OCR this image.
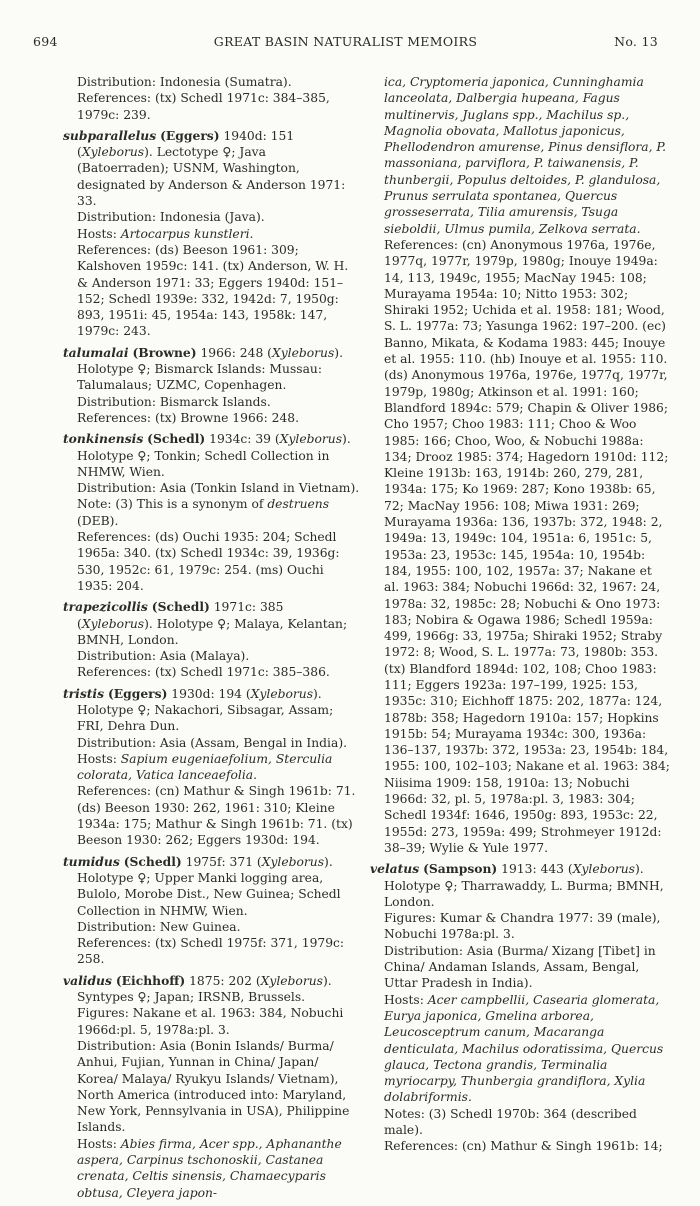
694	GREAT BASIN NATURALIST MEMOIRS	No. 13

Distribution: Indonesia (Sumatra).

References: (tx) Schedl 1971c: 384–385, 1979c: 239.

subparallelus (Eggers) 1940d: 151 (Xyleborus). Lectotype ♀; Java (Batoerraden); USNM, Washington, designated by Anderson & Anderson 1971: 33.

Distribution: Indonesia (Java).

Hosts: Artocarpus kunstleri.

References: (ds) Beeson 1961: 309; Kalshoven 1959c: 141. (tx) Anderson, W. H. & Anderson 1971: 33; Eggers 1940d: 151–152; Schedl 1939e: 332, 1942d: 7, 1950g: 893, 1951i: 45, 1954a: 143, 1958k: 147, 1979c: 243.

talumalai (Browne) 1966: 248 (Xyleborus). Holotype ♀; Bismarck Islands: Mussau: Talumalaus; UZMC, Copenhagen.

Distribution: Bismarck Islands.

References: (tx) Browne 1966: 248.

tonkinensis (Schedl) 1934c: 39 (Xyleborus). Holotype ♀; Tonkin; Schedl Collection in NHMW, Wien.

Distribution: Asia (Tonkin Island in Vietnam).

Note: (3) This is a synonym of destruens (DEB).

References: (ds) Ouchi 1935: 204; Schedl 1965a: 340. (tx) Schedl 1934c: 39, 1936g: 530, 1952c: 61, 1979c: 254. (ms) Ouchi 1935: 204.

trapezicollis (Schedl) 1971c: 385 (Xyleborus). Holotype ♀; Malaya, Kelantan; BMNH, London.

Distribution: Asia (Malaya).

References: (tx) Schedl 1971c: 385–386.

tristis (Eggers) 1930d: 194 (Xyleborus). Holotype ♀; Nakachori, Sibsagar, Assam; FRI, Dehra Dun.

Distribution: Asia (Assam, Bengal in India).

Hosts: Sapium eugeniaefolium, Sterculia colorata, Vatica lanceaefolia.

References: (cn) Mathur & Singh 1961b: 71. (ds) Beeson 1930: 262, 1961: 310; Kleine 1934a: 175; Mathur & Singh 1961b: 71. (tx) Beeson 1930: 262; Eggers 1930d: 194.

tumidus (Schedl) 1975f: 371 (Xyleborus). Holotype ♀; Upper Manki logging area, Bulolo, Morobe Dist., New Guinea; Schedl Collection in NHMW, Wien.

Distribution: New Guinea.

References: (tx) Schedl 1975f: 371, 1979c: 258.

validus (Eichhoff) 1875: 202 (Xyleborus). Syntypes ♀; Japan; IRSNB, Brussels.

Figures: Nakane et al. 1963: 384, Nobuchi 1966d:pl. 5, 1978a:pl. 3.

Distribution: Asia (Bonin Islands/ Burma/ Anhui, Fujian, Yunnan in China/ Japan/ Korea/ Malaya/ Ryukyu Islands/ Vietnam), North America (introduced into: Maryland, New York, Pennsylvania in USA), Philippine Islands.

Hosts: Abies firma, Acer spp., Aphananthe aspera, Carpinus tschonoskii, Castanea crenata, Celtis sinensis, Chamaecyparis obtusa, Cleyera japon-

ica, Cryptomeria japonica, Cunninghamia lanceolata, Dalbergia hupeana, Fagus multinervis, Juglans spp., Machilus sp., Magnolia obovata, Mallotus japonicus, Phellodendron amurense, Pinus densiflora, P. massoniana, parviflora, P. taiwanensis, P. thunbergii, Populus deltoides, P. glandulosa, Prunus serrulata spontanea, Quercus grosseserrata, Tilia amurensis, Tsuga sieboldii, Ulmus pumila, Zelkova serrata.

References: (cn) Anonymous 1976a, 1976e, 1977q, 1977r, 1979p, 1980g; Inouye 1949a: 14, 113, 1949c, 1955; MacNay 1945: 108; Murayama 1954a: 10; Nitto 1953: 302; Shiraki 1952; Uchida et al. 1958: 181; Wood, S. L. 1977a: 73; Yasunga 1962: 197–200. (ec) Banno, Mikata, & Kodama 1983: 445; Inouye et al. 1955: 110. (hb) Inouye et al. 1955: 110. (ds) Anonymous 1976a, 1976e, 1977q, 1977r, 1979p, 1980g; Atkinson et al. 1991: 160; Blandford 1894c: 579; Chapin & Oliver 1986; Cho 1957; Choo 1983: 111; Choo & Woo 1985: 166; Choo, Woo, & Nobuchi 1988a: 134; Drooz 1985: 374; Hagedorn 1910d: 112; Kleine 1913b: 163, 1914b: 260, 279, 281, 1934a: 175; Ko 1969: 287; Kono 1938b: 65, 72; MacNay 1956: 108; Miwa 1931: 269; Murayama 1936a: 136, 1937b: 372, 1948: 2, 1949a: 13, 1949c: 104, 1951a: 6, 1951c: 5, 1953a: 23, 1953c: 145, 1954a: 10, 1954b: 184, 1955: 100, 102, 1957a: 37; Nakane et al. 1963: 384; Nobuchi 1966d: 32, 1967: 24, 1978a: 32, 1985c: 28; Nobuchi & Ono 1973: 183; Nobira & Ogawa 1986; Schedl 1959a: 499, 1966g: 33, 1975a; Shiraki 1952; Straby 1972: 8; Wood, S. L. 1977a: 73, 1980b: 353. (tx) Blandford 1894d: 102, 108; Choo 1983: 111; Eggers 1923a: 197–199, 1925: 153, 1935c: 310; Eichhoff 1875: 202, 1877a: 124, 1878b: 358; Hagedorn 1910a: 157; Hopkins 1915b: 54; Murayama 1934c: 300, 1936a: 136–137, 1937b: 372, 1953a: 23, 1954b: 184, 1955: 100, 102–103; Nakane et al. 1963: 384; Niisima 1909: 158, 1910a: 13; Nobuchi 1966d: 32, pl. 5, 1978a:pl. 3, 1983: 304; Schedl 1934f: 1646, 1950g: 893, 1953c: 22, 1955d: 273, 1959a: 499; Strohmeyer 1912d: 38–39; Wylie & Yule 1977.

velatus (Sampson) 1913: 443 (Xyleborus). Holotype ♀; Tharrawaddy, L. Burma; BMNH, London.

Figures: Kumar & Chandra 1977: 39 (male), Nobuchi 1978a:pl. 3.

Distribution: Asia (Burma/ Xizang [Tibet] in China/ Andaman Islands, Assam, Bengal, Uttar Pradesh in India).

Hosts: Acer campbellii, Casearia glomerata, Eurya japonica, Gmelina arborea, Leucosceptrum canum, Macaranga denticulata, Machilus odoratissima, Quercus glauca, Tectona grandis, Terminalia myriocarpy, Thunbergia grandiflora, Xylia dolabriformis.

Notes: (3) Schedl 1970b: 364 (described male).

References: (cn) Mathur & Singh 1961b: 14;
